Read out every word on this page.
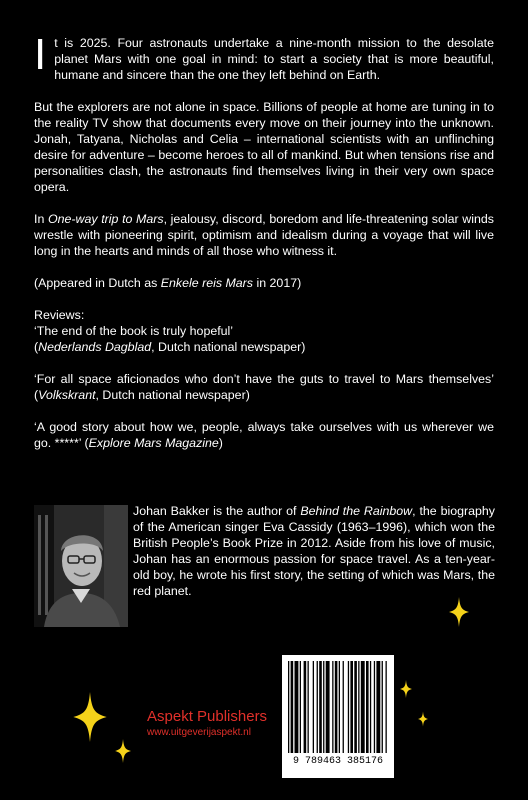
It is 2025. Four astronauts undertake a nine-month mission to the desolate planet Mars with one goal in mind: to start a society that is more beautiful, humane and sincere than the one they left behind on Earth.

But the explorers are not alone in space. Billions of people at home are tuning in to the reality TV show that documents every move on their journey into the unknown. Jonah, Tatyana, Nicholas and Celia – international scientists with an unflinching desire for adventure – become heroes to all of mankind. But when tensions rise and personalities clash, the astronauts find themselves living in their very own space opera.

In One-way trip to Mars, jealousy, discord, boredom and life-threatening solar winds wrestle with pioneering spirit, optimism and idealism during a voyage that will live long in the hearts and minds of all those who witness it.

(Appeared in Dutch as Enkele reis Mars in 2017)

Reviews:

‘The end of the book is truly hopeful’

(Nederlands Dagblad, Dutch national newspaper)

‘For all space aficionados who don’t have the guts to travel to Mars themselves’ (Volkskrant, Dutch national newspaper)

‘A good story about how we, people, always take ourselves with us wherever we go. *****’ (Explore Mars Magazine)

Johan Bakker is the author of Behind the Rainbow, the biography of the American singer Eva Cassidy (1963–1996), which won the British People’s Book Prize in 2012. Aside from his love of music, Johan has an enormous passion for space travel. As a ten-year-old boy, he wrote his first story, the setting of which was Mars, the red planet.

Aspekt Publishers
www.uitgeverijaspekt.nl
9 789463 385176
